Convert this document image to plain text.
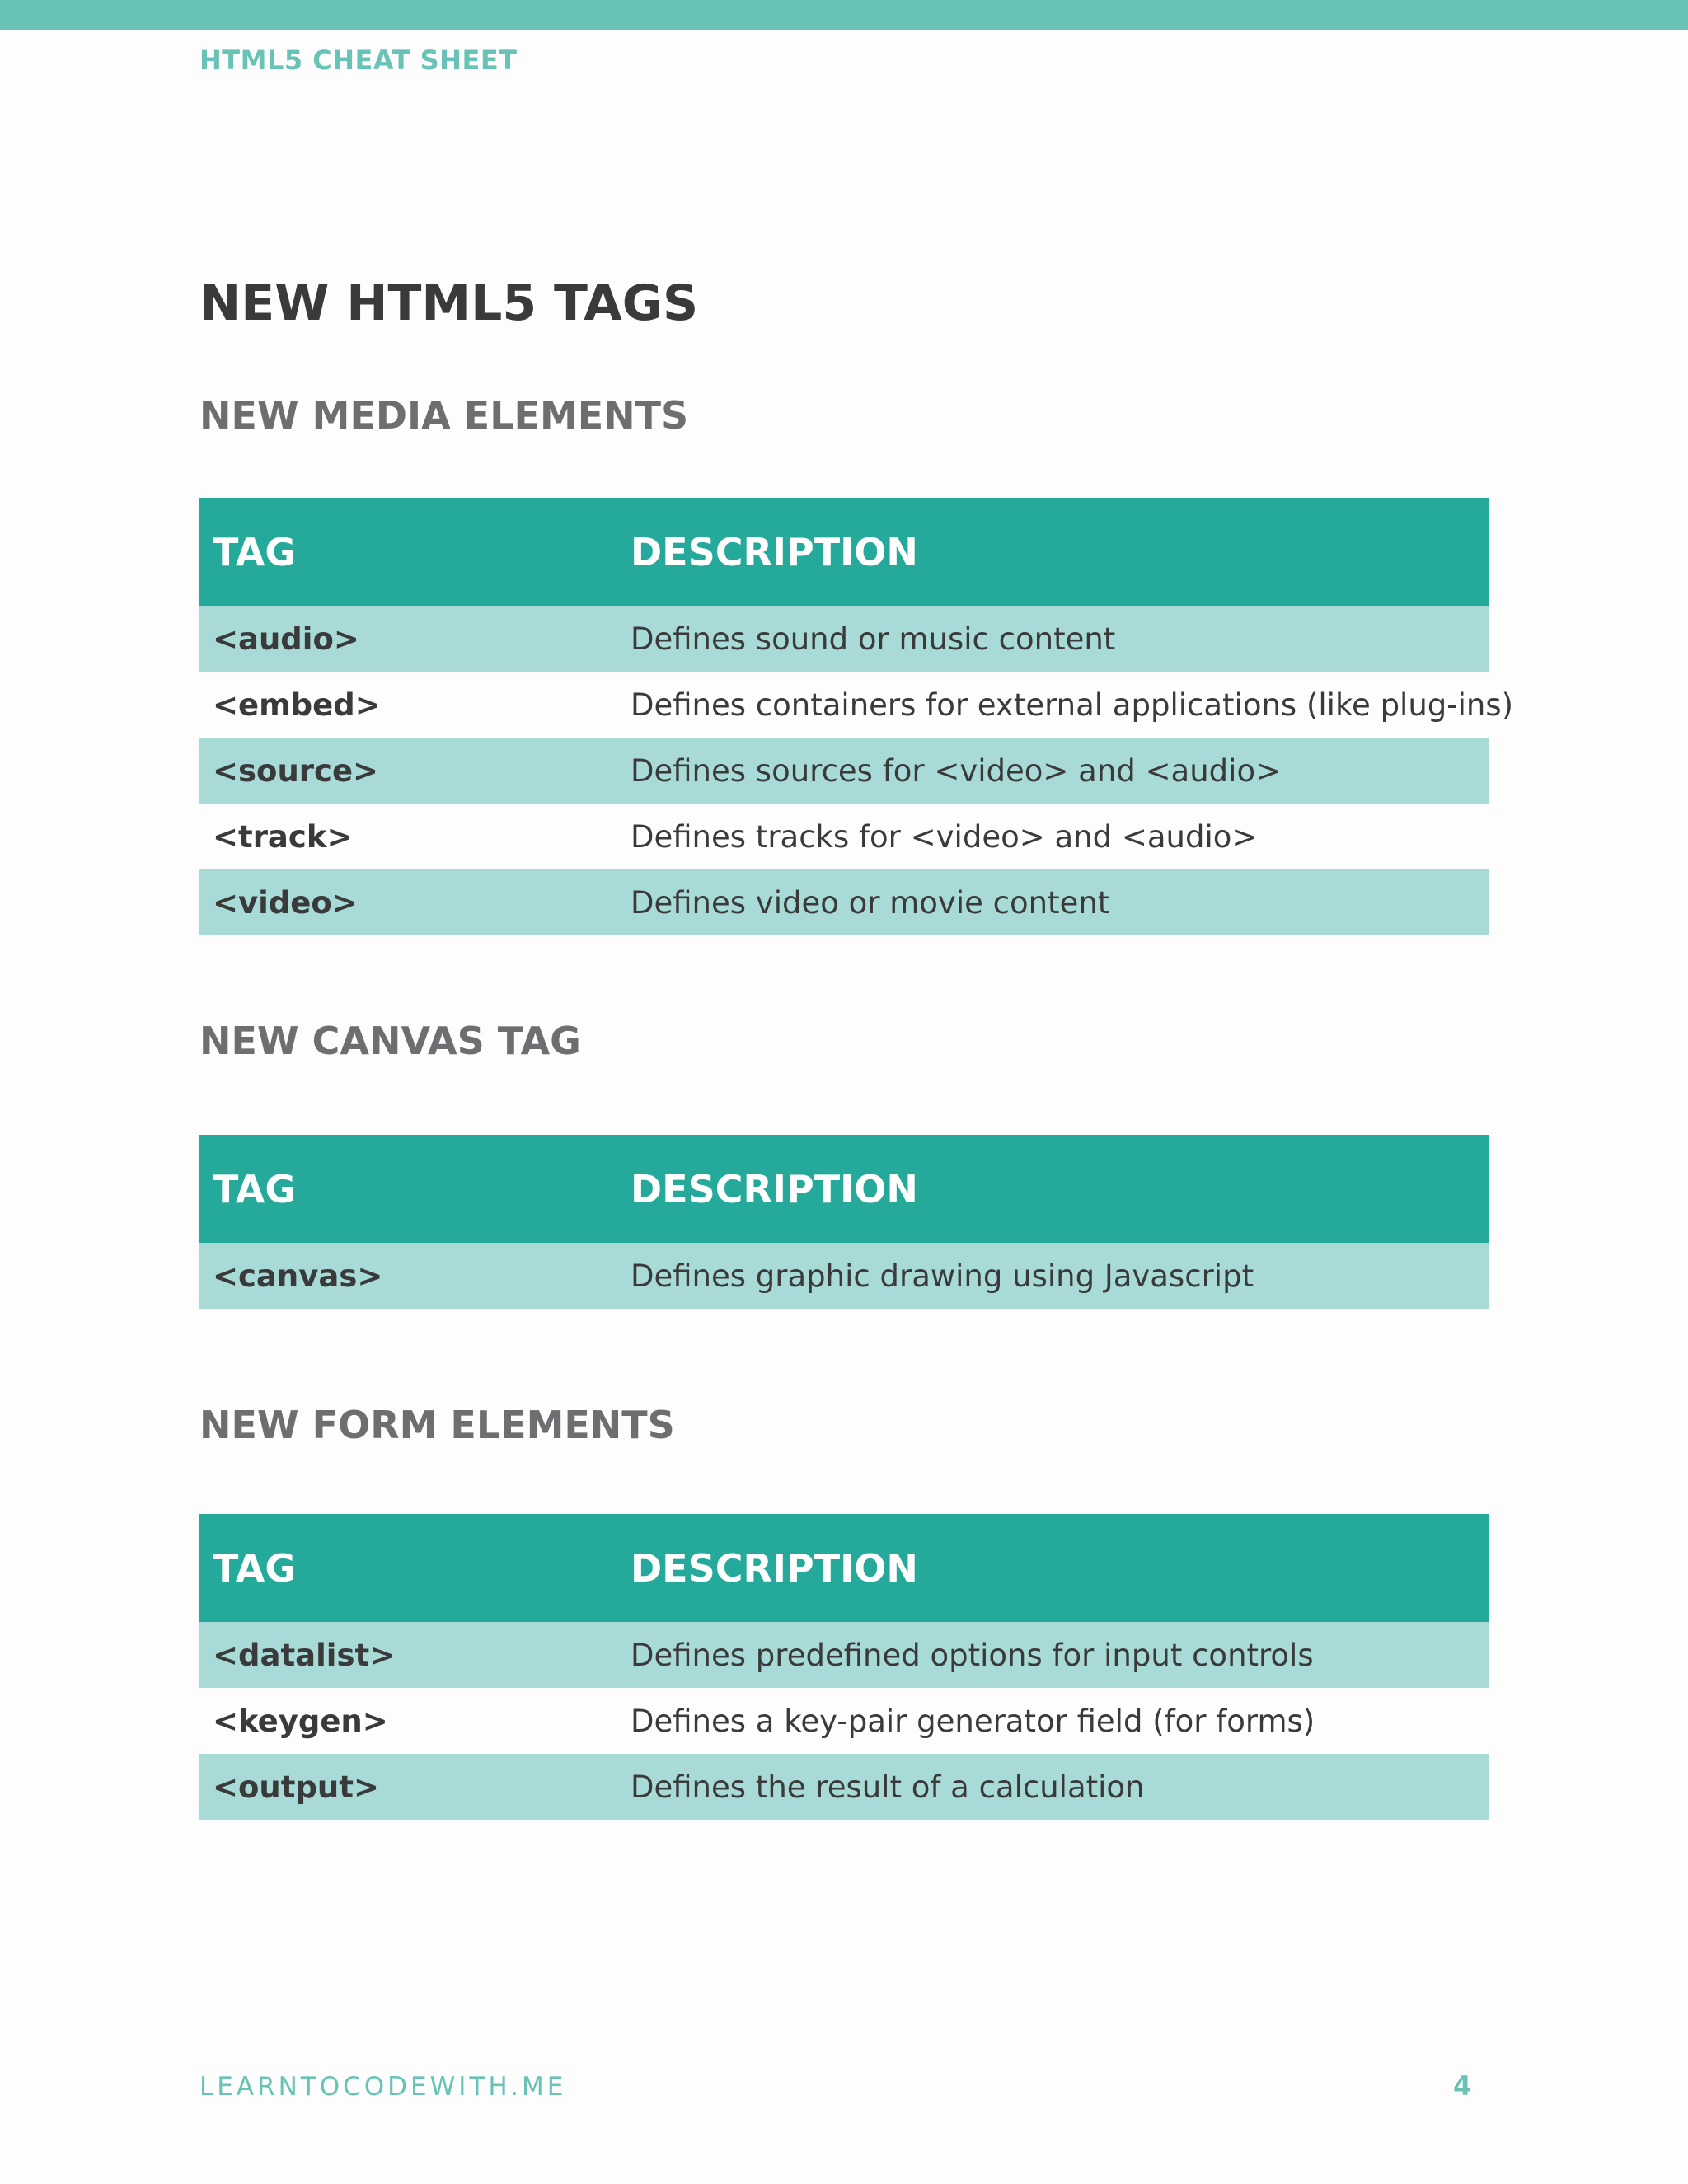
HTML5 CHEAT SHEET
NEW HTML5 TAGS
NEW MEDIA ELEMENTS
TAG	DESCRIPTION
<audio>	Defines sound or music content
<embed>	Defines containers for external applications (like plug-ins)
<source>	Defines sources for <video> and <audio>
<track>	Defines tracks for <video> and <audio>
<video>	Defines video or movie content
NEW CANVAS TAG
TAG	DESCRIPTION
<canvas>	Defines graphic drawing using Javascript
NEW FORM ELEMENTS
TAG	DESCRIPTION
<datalist>	Defines predefined options for input controls
<keygen>	Defines a key-pair generator field (for forms)
<output>	Defines the result of a calculation
LEARNTOCODEWITH.ME	4
